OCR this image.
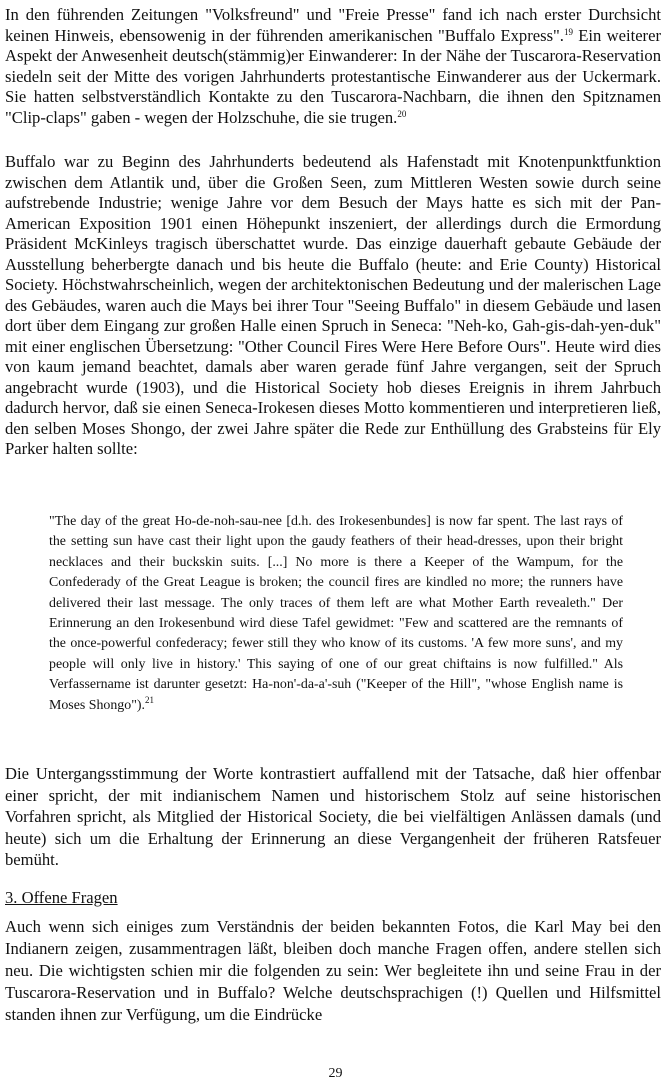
In den führenden Zeitungen "Volksfreund" und "Freie Presse" fand ich nach erster Durchsicht keinen Hinweis, ebensowenig in der führenden amerikanischen "Buffalo Express".$^{19}$ Ein weiterer Aspekt der Anwesenheit deutsch(stämmig)er Einwanderer: In der Nähe der Tuscarora-Reservation siedeln seit der Mitte des vorigen Jahrhunderts protestantische Einwanderer aus der Uckermark. Sie hatten selbstverständlich Kontakte zu den Tuscarora-Nachbarn, die ihnen den Spitznamen "Clip-claps" gaben - wegen der Holzschuhe, die sie trugen.$^{20}$

Buffalo war zu Beginn des Jahrhunderts bedeutend als Hafenstadt mit Knotenpunktfunktion zwischen dem Atlantik und, über die Großen Seen, zum Mittleren Westen sowie durch seine aufstrebende Industrie; wenige Jahre vor dem Besuch der Mays hatte es sich mit der Pan-American Exposition 1901 einen Höhepunkt inszeniert, der allerdings durch die Ermordung Präsident McKinleys tragisch überschattet wurde. Das einzige dauerhaft gebaute Gebäude der Ausstellung beherbergte danach und bis heute die Buffalo (heute: and Erie County) Historical Society. Höchstwahrscheinlich, wegen der architektonischen Bedeutung und der malerischen Lage des Gebäudes, waren auch die Mays bei ihrer Tour "Seeing Buffalo" in diesem Gebäude und lasen dort über dem Eingang zur großen Halle einen Spruch in Seneca: "Neh-ko, Gah-gis-dah-yen-duk" mit einer englischen Übersetzung: "Other Council Fires Were Here Before Ours". Heute wird dies von kaum jemand beachtet, damals aber waren gerade fünf Jahre vergangen, seit der Spruch angebracht wurde (1903), und die Historical Society hob dieses Ereignis in ihrem Jahrbuch dadurch hervor, daß sie einen Seneca-Irokesen dieses Motto kommentieren und interpretieren ließ, den selben Moses Shongo, der zwei Jahre später die Rede zur Enthüllung des Grabsteins für Ely Parker halten sollte:

"The day of the great Ho-de-noh-sau-nee [d.h. des Irokesenbundes] is now far spent. The last rays of the setting sun have cast their light upon the gaudy feathers of their head-dresses, upon their bright necklaces and their buckskin suits. [...] No more is there a Keeper of the Wampum, for the Confederady of the Great League is broken; the council fires are kindled no more; the runners have delivered their last message. The only traces of them left are what Mother Earth revealeth." Der Erinnerung an den Irokesenbund wird diese Tafel gewidmet: "Few and scattered are the remnants of the once-powerful confederacy; fewer still they who know of its customs. 'A few more suns', and my people will only live in history.' This saying of one of our great chiftains is now fulfilled." Als Verfassername ist darunter gesetzt: Ha-non'-da-a'-suh ("Keeper of the Hill", "whose English name is Moses Shongo").$^{21}$

Die Untergangsstimmung der Worte kontrastiert auffallend mit der Tatsache, daß hier offenbar einer spricht, der mit indianischem Namen und historischem Stolz auf seine historischen Vorfahren spricht, als Mitglied der Historical Society, die bei vielfältigen Anlässen damals (und heute) sich um die Erhaltung der Erinnerung an diese Vergangenheit der früheren Ratsfeuer bemüht.

3. Offene Fragen

Auch wenn sich einiges zum Verständnis der beiden bekannten Fotos, die Karl May bei den Indianern zeigen, zusammentragen läßt, bleiben doch manche Fragen offen, andere stellen sich neu. Die wichtigsten schien mir die folgenden zu sein: Wer begleitete ihn und seine Frau in der Tuscarora-Reservation und in Buffalo? Welche deutschsprachigen (!) Quellen und Hilfsmittel standen ihnen zur Verfügung, um die Eindrücke

29
